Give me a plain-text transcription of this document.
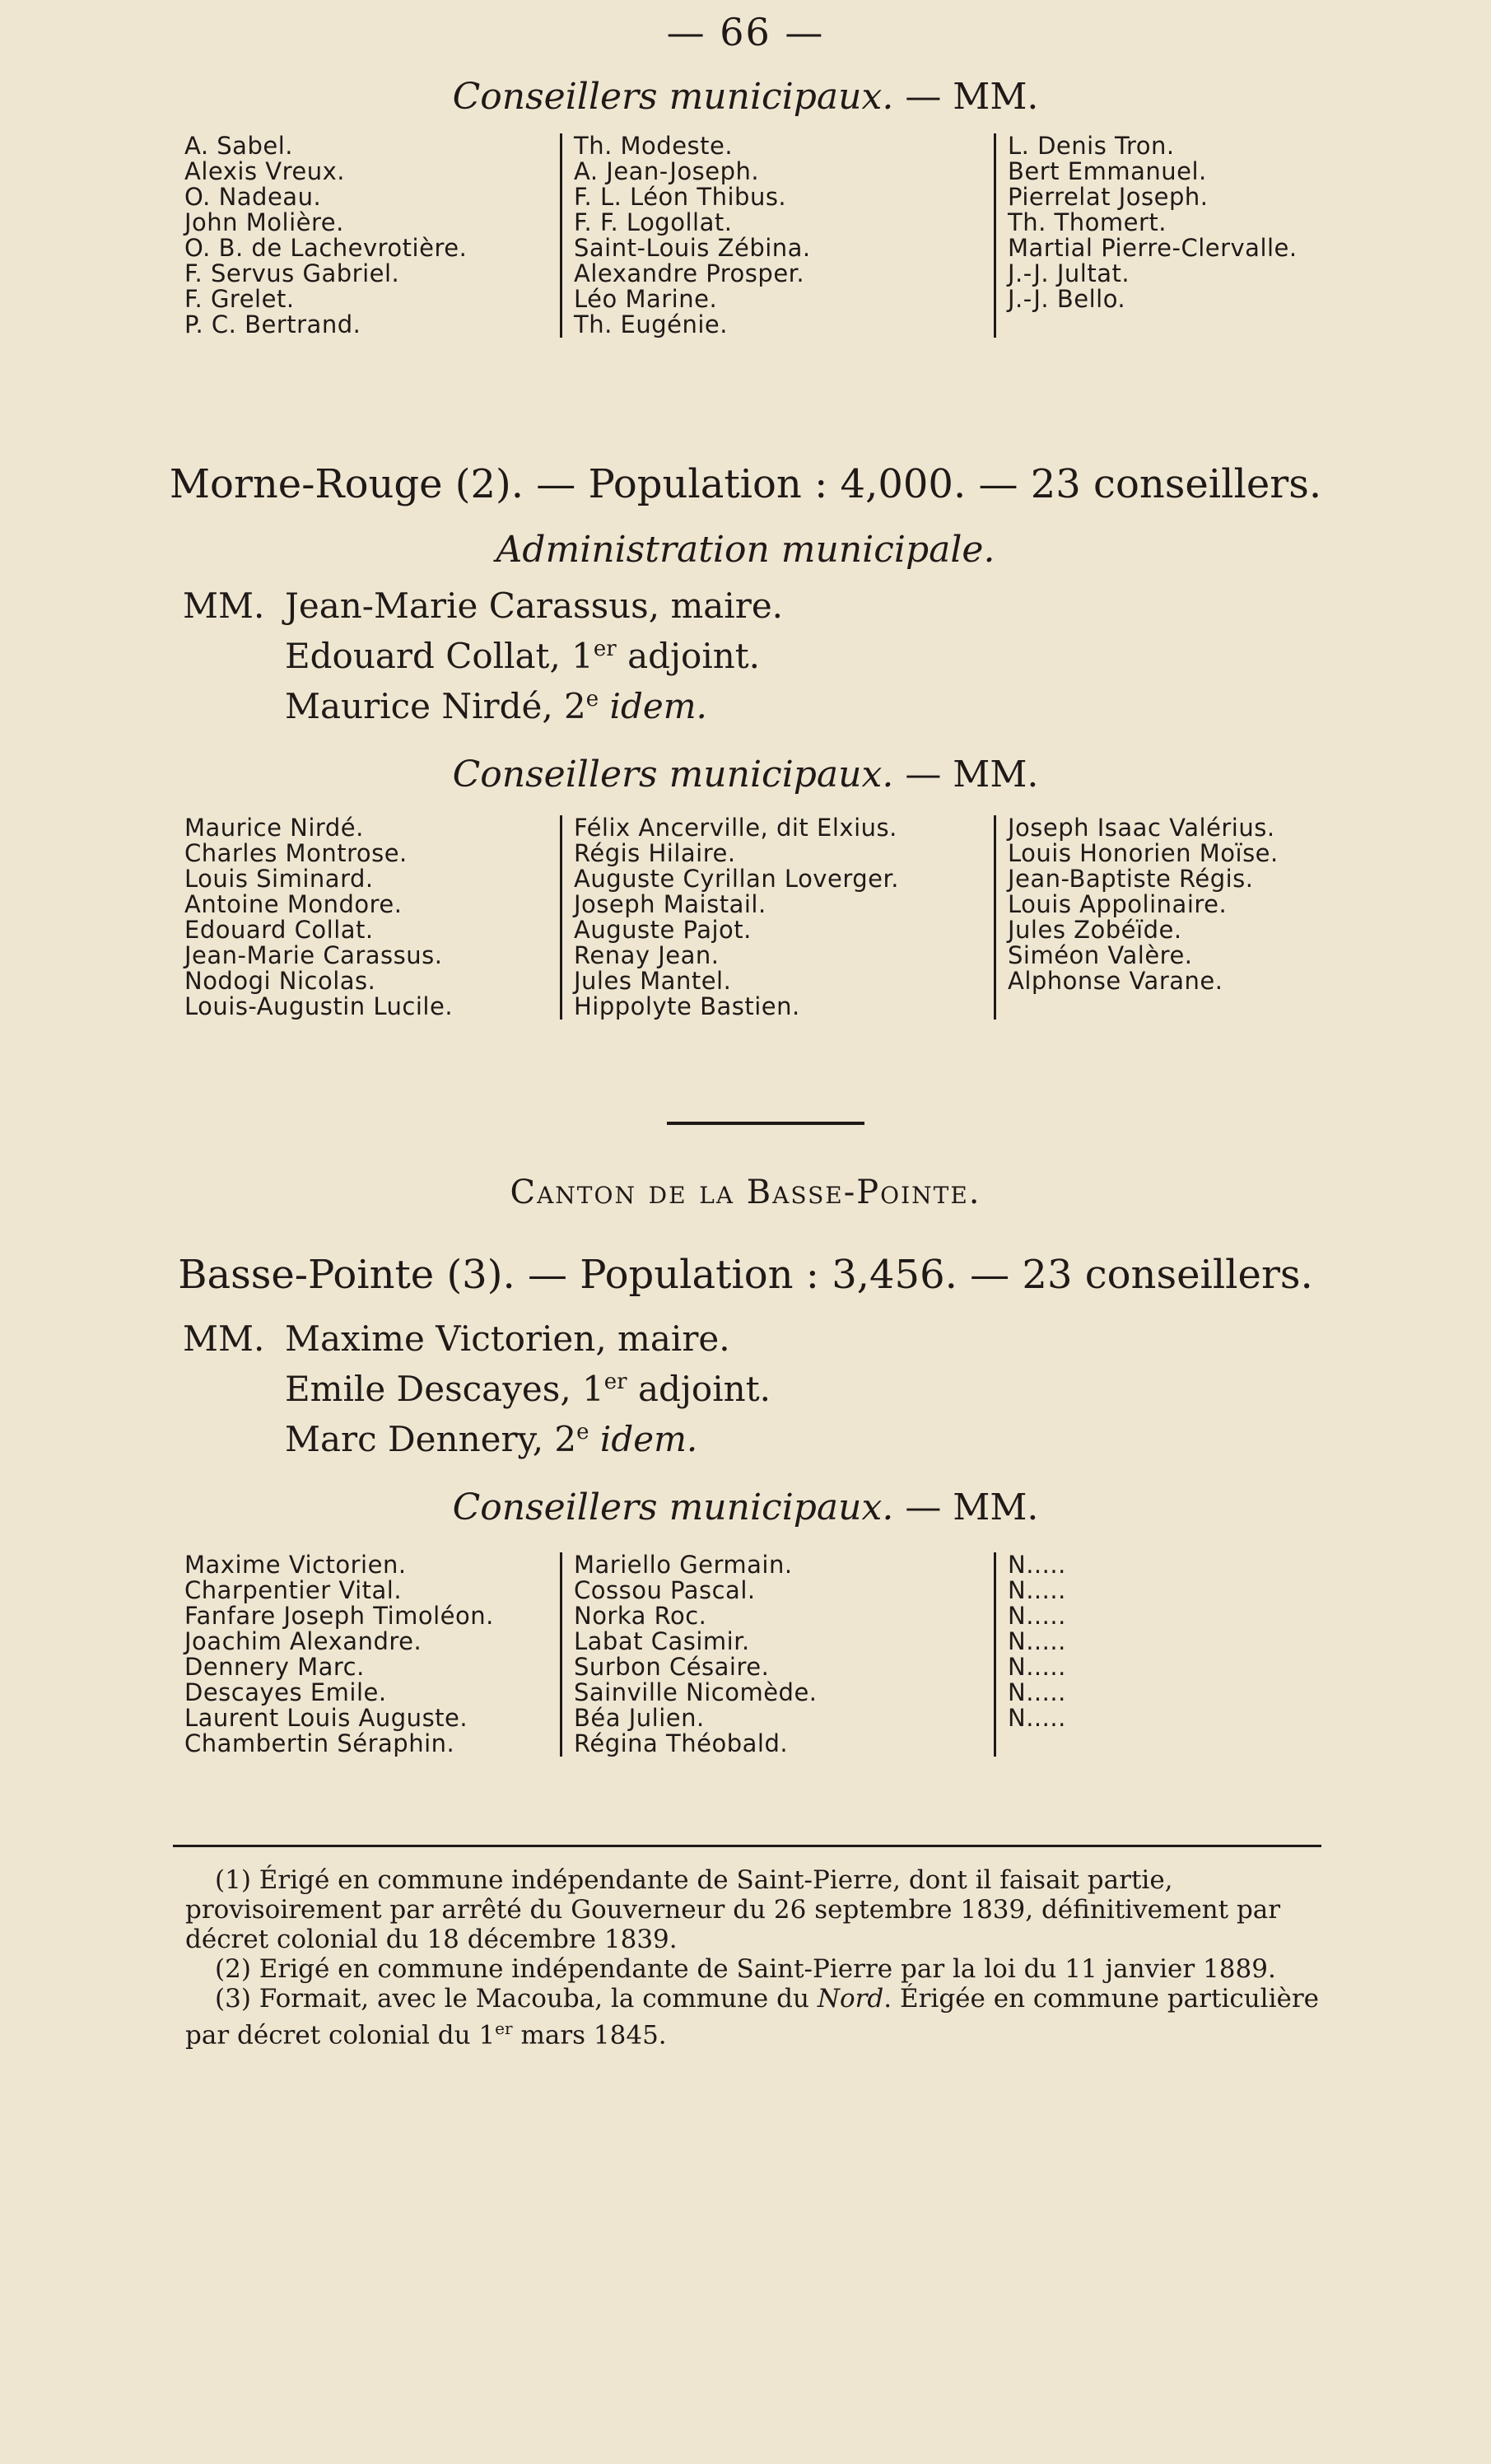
— 66 —
Conseillers municipaux. — MM.
A. Sabel.
Alexis Vreux.
O. Nadeau.
John Molière.
O. B. de Lachevrotière.
F. Servus Gabriel.
F. Grelet.
P. C. Bertrand.
Th. Modeste.
A. Jean-Joseph.
F. L. Léon Thibus.
F. F. Logollat.
Saint-Louis Zébina.
Alexandre Prosper.
Léo Marine.
Th. Eugénie.
L. Denis Tron.
Bert Emmanuel.
Pierrelat Joseph.
Th. Thomert.
Martial Pierre-Clervalle.
J.-J. Jultat.
J.-J. Bello.
Morne-Rouge (2). — Population : 4,000. — 23 conseillers.
Administration municipale.
MM. Jean-Marie Carassus, maire.
Edouard Collat, 1er adjoint.
Maurice Nirdé, 2e idem.
Conseillers municipaux. — MM.
Maurice Nirdé.
Charles Montrose.
Louis Siminard.
Antoine Mondore.
Edouard Collat.
Jean-Marie Carassus.
Nodogi Nicolas.
Louis-Augustin Lucile.
Félix Ancerville, dit Elxius.
Régis Hilaire.
Auguste Cyrillan Loverger.
Joseph Maistail.
Auguste Pajot.
Renay Jean.
Jules Mantel.
Hippolyte Bastien.
Joseph Isaac Valérius.
Louis Honorien Moïse.
Jean-Baptiste Régis.
Louis Appolinaire.
Jules Zobéïde.
Siméon Valère.
Alphonse Varane.
Canton de la Basse-Pointe.
Basse-Pointe (3). — Population : 3,456. — 23 conseillers.
MM. Maxime Victorien, maire.
Emile Descayes, 1er adjoint.
Marc Dennery, 2e idem.
Conseillers municipaux. — MM.
Maxime Victorien.
Charpentier Vital.
Fanfare Joseph Timoléon.
Joachim Alexandre.
Dennery Marc.
Descayes Emile.
Laurent Louis Auguste.
Chambertin Séraphin.
Mariello Germain.
Cossou Pascal.
Norka Roc.
Labat Casimir.
Surbon Césaire.
Sainville Nicomède.
Béa Julien.
Régina Théobald.
N.....
N.....
N.....
N.....
N.....
N.....
N.....

(1) Érigé en commune indépendante de Saint-Pierre, dont il faisait partie, provisoirement par arrêté du Gouverneur du 26 septembre 1839, définitivement par décret colonial du 18 décembre 1839.

(2) Erigé en commune indépendante de Saint-Pierre par la loi du 11 janvier 1889.

(3) Formait, avec le Macouba, la commune du Nord. Érigée en commune particulière par décret colonial du 1er mars 1845.
